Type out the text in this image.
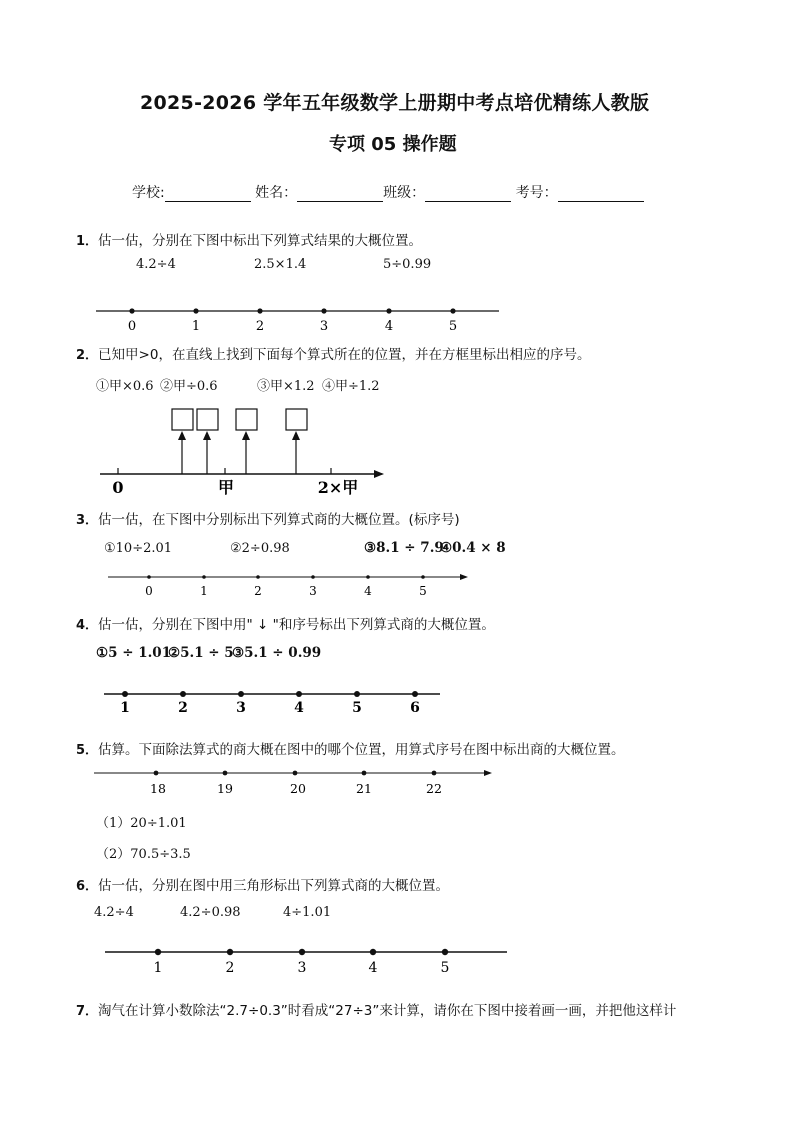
2025-2026 学年五年级数学上册期中考点培优精练人教版
专项 05 操作题
学校:	姓名：	班级：	考号：
1．估一估，分别在下图中标出下列算式结果的大概位置。
4.2÷4	2.5×1.4	5÷0.99
0	1	2	3	4	5
2．已知甲>0，在直线上找到下面每个算式所在的位置，并在方框里标出相应的序号。
①甲×0.6 ②甲÷0.6	③甲×1.2 ④甲÷1.2
0	甲	2×甲
3．估一估，在下图中分别标出下列算式商的大概位置。(标序号)
①10÷2.01	②2÷0.98	③8.1 ÷ 7.9
④0.4 × 8
0	1	2	3	4	5
4．估一估，分别在下图中用" ↓ "和序号标出下列算式商的大概位置。
①5 ÷ 1.01
②5.1 ÷ 5
③5.1 ÷ 0.99
1	2	3	4	5	6
5．估算。下面除法算式的商大概在图中的哪个位置，用算式序号在图中标出商的大概位置。
18	19	20	21	22
（1）20÷1.01
（2）70.5÷3.5
6．估一估，分别在图中用三角形标出下列算式商的大概位置。
4.2÷4	4.2÷0.98	4÷1.01
1	2	3	4	5
7．淘气在计算小数除法“2.7÷0.3”时看成“27÷3”来计算，请你在下图中接着画一画，并把他这样计
